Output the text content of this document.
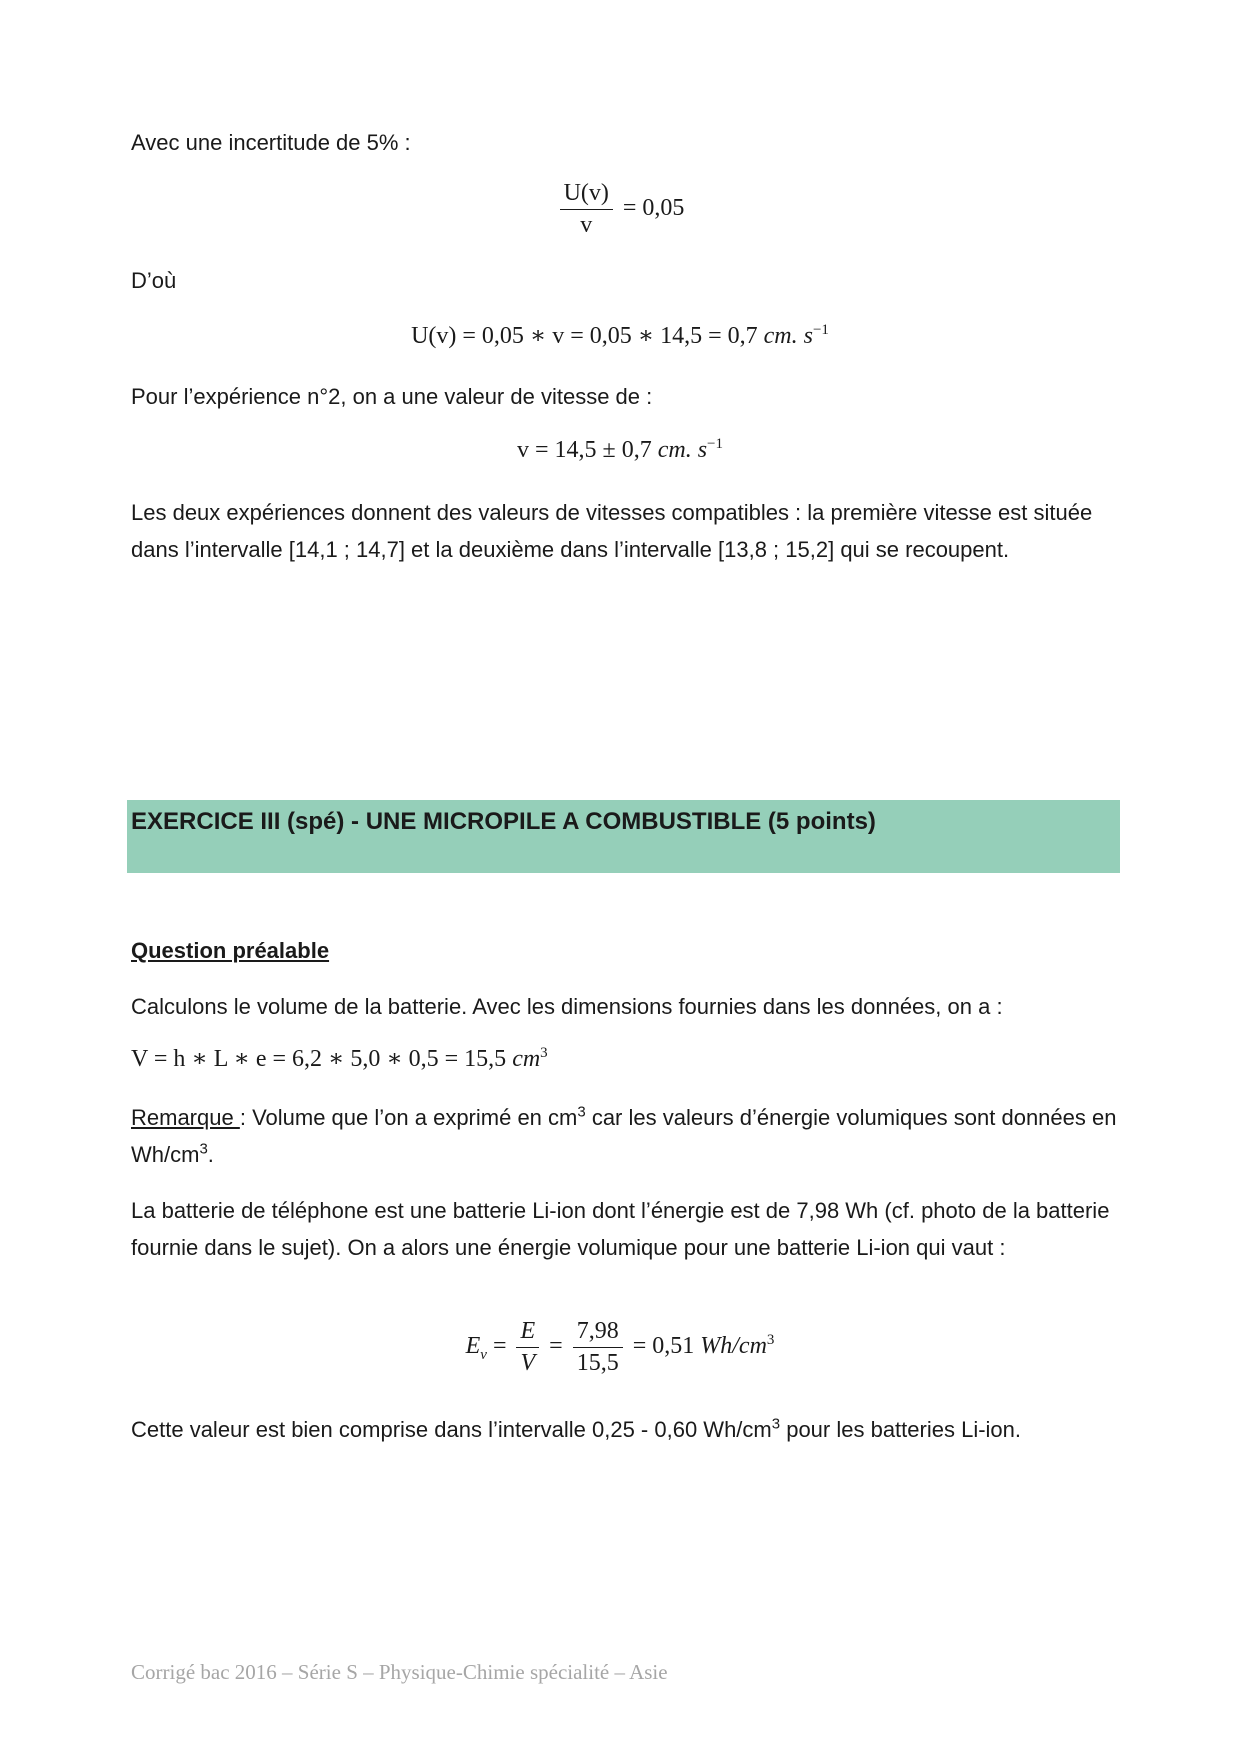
Avec une incertitude de 5% :
$\frac{U(v)}{v} = 0,05$
D’où
U(v) = 0,05 ∗ v = 0,05 ∗ 14,5 = 0,7 cm. $s^{-1}$
Pour l’expérience n°2, on a une valeur de vitesse de :
v = 14,5 ± 0,7 cm. $s^{-1}$
Les deux expériences donnent des valeurs de vitesses compatibles : la première vitesse est située dans l’intervalle [14,1 ; 14,7] et la deuxième dans l’intervalle [13,8 ; 15,2] qui se recoupent.
EXERCICE III (spé) - UNE MICROPILE A COMBUSTIBLE (5 points)
Question préalable
Calculons le volume de la batterie. Avec les dimensions fournies dans les données, on a :
V = h ∗ L ∗ e = 6,2 ∗ 5,0 ∗ 0,5 = 15,5 $cm^3$
Remarque : Volume que l’on a exprimé en $cm^3$ car les valeurs d’énergie volumiques sont données en $Wh/cm^3$.
La batterie de téléphone est une batterie Li-ion dont l’énergie est de 7,98 Wh (cf. photo de la batterie fournie dans le sujet). On a alors une énergie volumique pour une batterie Li-ion qui vaut :
$E_v = \frac{E}{V} = \frac{7,98}{15,5} = 0,51$ $Wh/cm^3$
Cette valeur est bien comprise dans l’intervalle 0,25 - 0,60 $Wh/cm^3$ pour les batteries Li-ion.
Corrigé bac 2016 – Série S – Physique-Chimie spécialité – Asie
